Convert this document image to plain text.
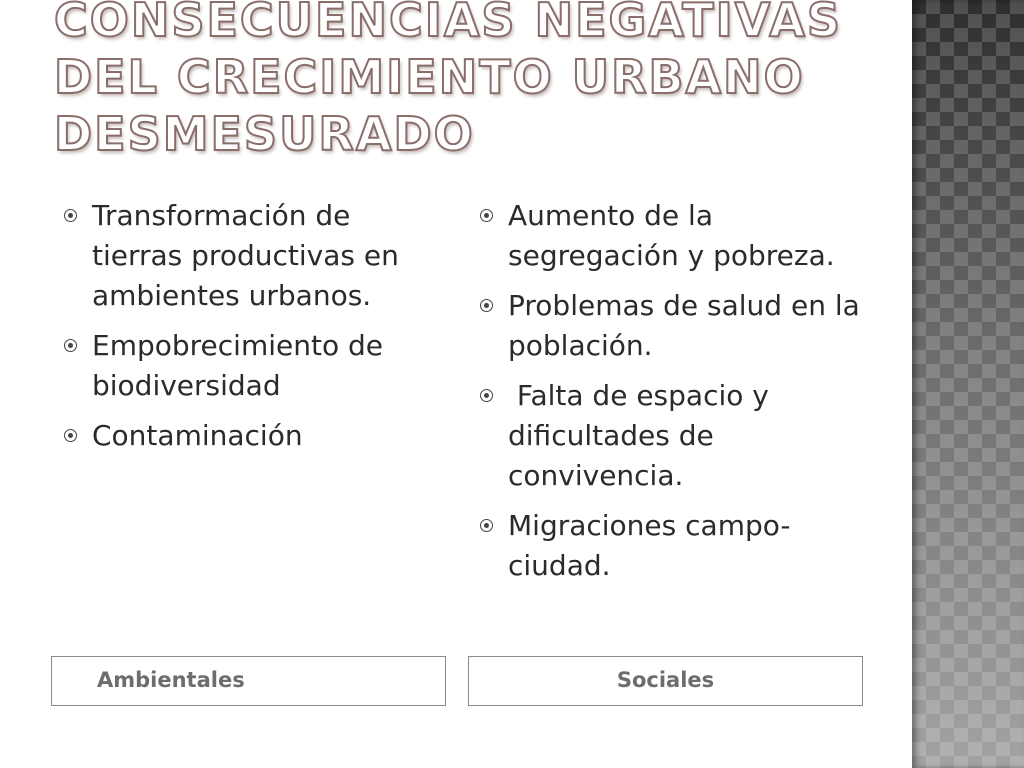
CONSECUENCIAS NEGATIVAS DEL CRECIMIENTO URBANO DESMESURADO
Transformación de tierras productivas en ambientes urbanos.
Empobrecimiento de biodiversidad
Contaminación
Aumento de la segregación y pobreza.
Problemas de salud en la población.
Falta de espacio y dificultades de convivencia.
Migraciones campo-ciudad.
Ambientales	Sociales
